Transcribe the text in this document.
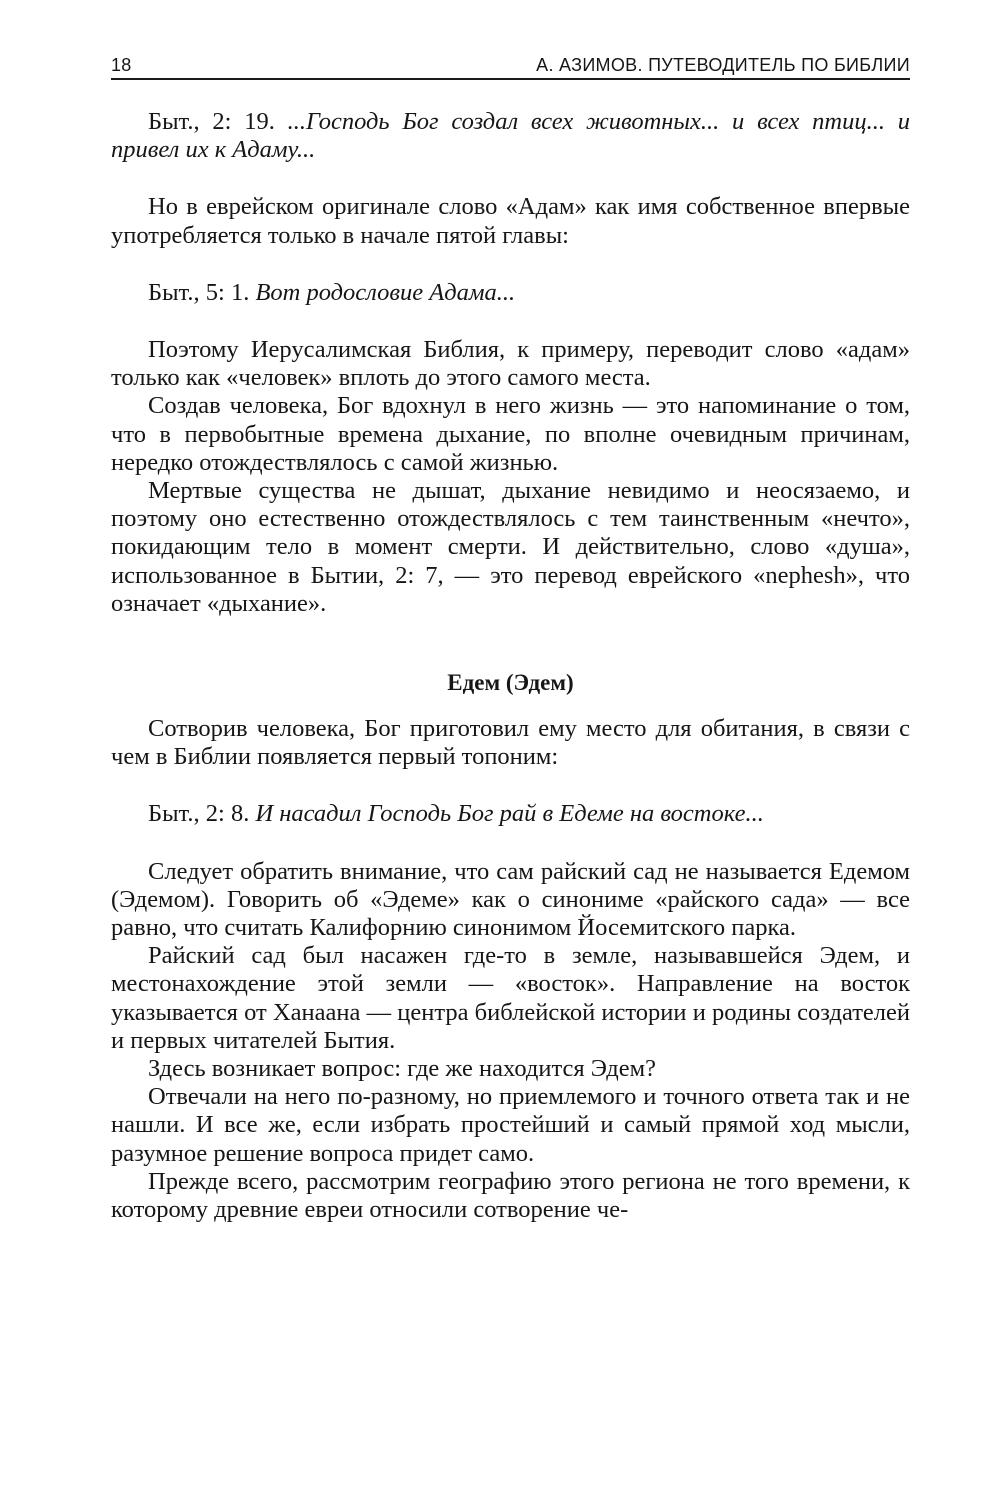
18	А. АЗИМОВ. ПУТЕВОДИТЕЛЬ ПО БИБЛИИ

Быт., 2: 19. ...Господь Бог создал всех животных... и всех птиц... и привел их к Адаму...

Но в еврейском оригинале слово «Адам» как имя собственное впервые употребляется только в начале пятой главы:

Быт., 5: 1. Вот родословие Адама...

Поэтому Иерусалимская Библия, к примеру, переводит слово «адам» только как «человек» вплоть до этого самого места.

Создав человека, Бог вдохнул в него жизнь — это напоминание о том, что в первобытные времена дыхание, по вполне очевидным причинам, нередко отождествлялось с самой жизнью.

Мертвые существа не дышат, дыхание невидимо и неосязаемо, и поэтому оно естественно отождествлялось с тем таинственным «нечто», покидающим тело в момент смерти. И действительно, слово «душа», использованное в Бытии, 2: 7, — это перевод еврейского «nephesh», что означает «дыхание».

Едем (Эдем)

Сотворив человека, Бог приготовил ему место для обитания, в связи с чем в Библии появляется первый топоним:

Быт., 2: 8. И насадил Господь Бог рай в Едеме на востоке...

Следует обратить внимание, что сам райский сад не называется Едемом (Эдемом). Говорить об «Эдеме» как о синониме «райского сада» — все равно, что считать Калифорнию синонимом Йосемитского парка.

Райский сад был насажен где-то в земле, называвшейся Эдем, и местонахождение этой земли — «восток». Направление на восток указывается от Ханаана — центра библейской истории и родины создателей и первых читателей Бытия.

Здесь возникает вопрос: где же находится Эдем?

Отвечали на него по-разному, но приемлемого и точного ответа так и не нашли. И все же, если избрать простейший и самый прямой ход мысли, разумное решение вопроса придет само.

Прежде всего, рассмотрим географию этого региона не того времени, к которому древние евреи относили сотворение че-
